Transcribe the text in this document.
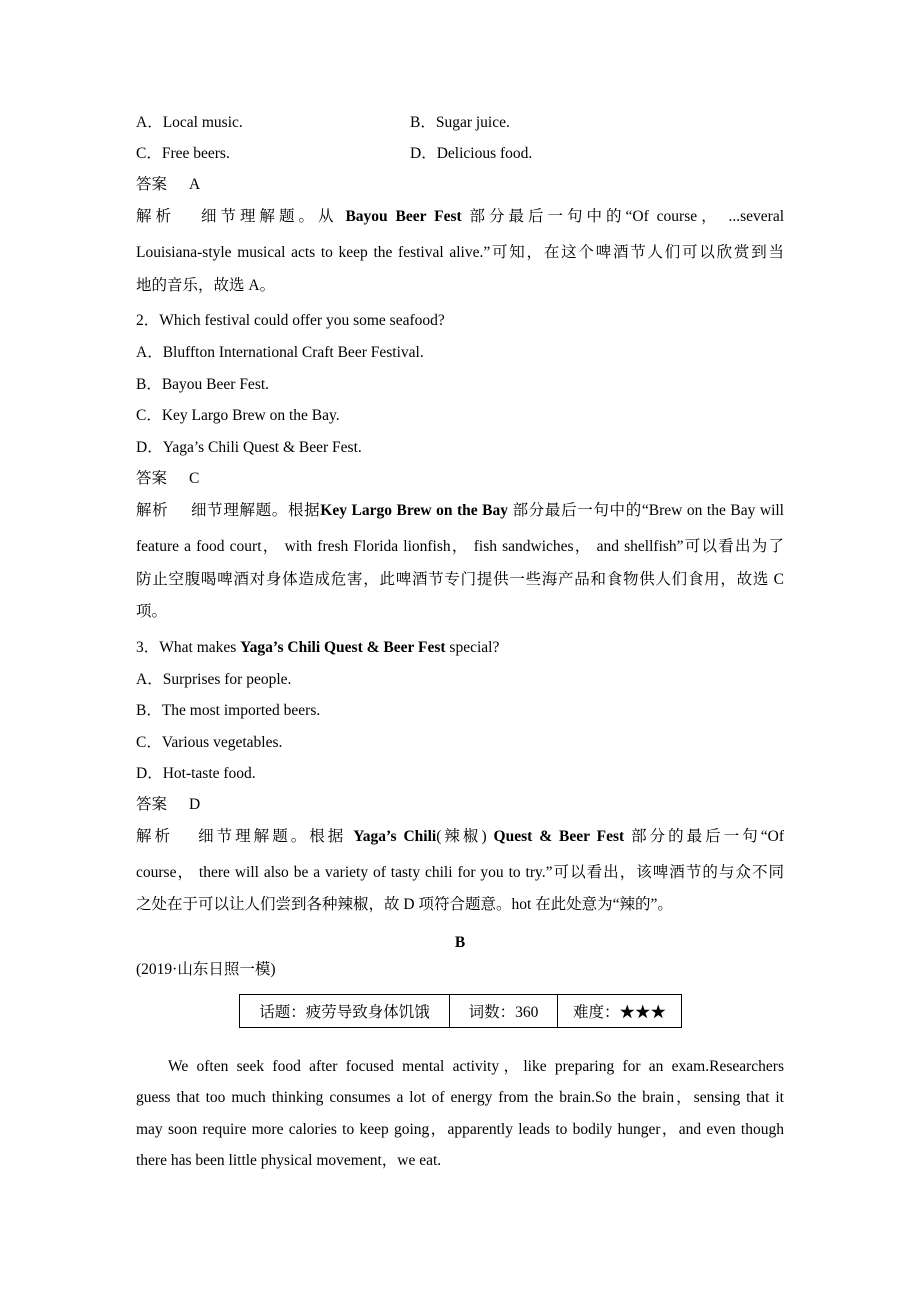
A．Local music.	B．Sugar juice.
C．Free beers.	D．Delicious food.
答案 A
解析 细节理解题。从 Bayou Beer Fest 部分最后一句中的“Of course， ...several
Louisiana-style musical acts to keep the festival alive.”可知，在这个啤酒节人们可以欣赏到当
地的音乐，故选 A。
2．Which festival could offer you some seafood?
A．Bluffton International Craft Beer Festival.
B．Bayou Beer Fest.
C．Key Largo Brew on the Bay.
D．Yaga’s Chili Quest & Beer Fest.
答案 C
解析 细节理解题。根据Key Largo Brew on the Bay 部分最后一句中的“Brew on the Bay will
feature a food court， with fresh Florida lionfish， fish sandwiches， and shellfish”可以看出为了
防止空腹喝啤酒对身体造成危害，此啤酒节专门提供一些海产品和食物供人们食用，故选 C
项。
3．What makes Yaga’s Chili Quest & Beer Fest special?
A．Surprises for people.
B．The most imported beers.
C．Various vegetables.
D．Hot-taste food.
答案 D
解析 细节理解题。根据 Yaga’s Chili(辣椒) Quest & Beer Fest 部分的最后一句“Of
course， there will also be a variety of tasty chili for you to try.”可以看出，该啤酒节的与众不同
之处在于可以让人们尝到各种辣椒，故 D 项符合题意。hot 在此处意为“辣的”。
B
(2019·山东日照一模)
话题：疲劳导致身体饥饿	词数：360	难度：★★★
We often seek food after focused mental activity，like preparing for an exam.Researchers
guess that too much thinking consumes a lot of energy from the brain.So the brain，sensing that it
may soon require more calories to keep going，apparently leads to bodily hunger，and even though
there has been little physical movement，we eat.
